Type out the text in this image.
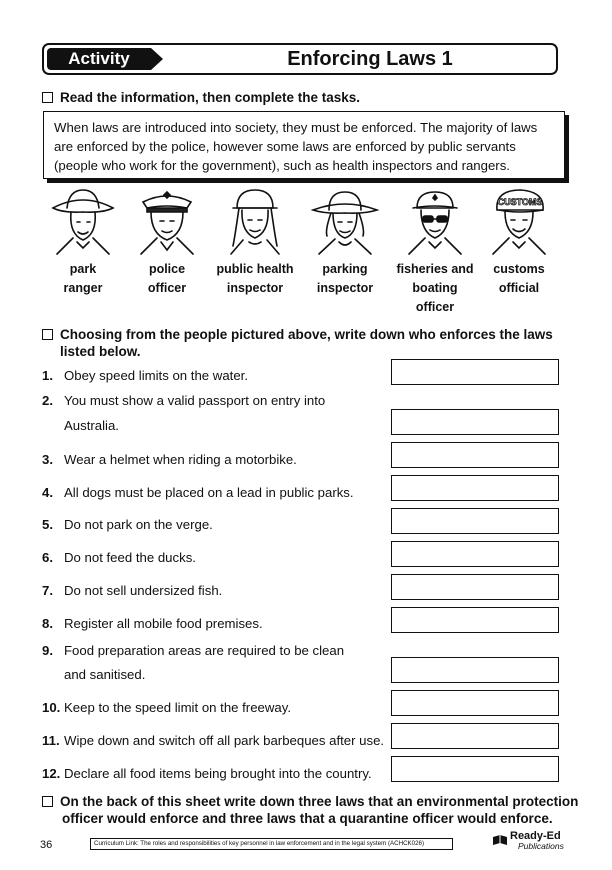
Activity	Enforcing Laws 1
Read the information, then complete the tasks.
When laws are introduced into society, they must be enforced. The majority of laws are enforced by the police, however some laws are enforced by public servants (people who work for the government), such as health inspectors and rangers.
park
ranger
police
officer
public health
inspector
parking
inspector
fisheries and
boating officer
CUSTOMS
customs
official
Choosing from the people pictured above, write down who enforces the laws
listed below.
1. Obey speed limits on the water.
2. You must show a valid passport on entry into
Australia.
3. Wear a helmet when riding a motorbike.
4. All dogs must be placed on a lead in public parks.
5. Do not park on the verge.
6. Do not feed the ducks.
7. Do not sell undersized fish.
8. Register all mobile food premises.
9. Food preparation areas are required to be clean
and sanitised.
10. Keep to the speed limit on the freeway.
11. Wipe down and switch off all park barbeques after use.
12. Declare all food items being brought into the country.
On the back of this sheet write down three laws that an environmental protection
officer would enforce and three laws that a quarantine officer would enforce.
36	Curriculum Link: The roles and responsibilities of key personnel in law enforcement and in the legal system (ACHCK026)
Ready-Ed
Publications
